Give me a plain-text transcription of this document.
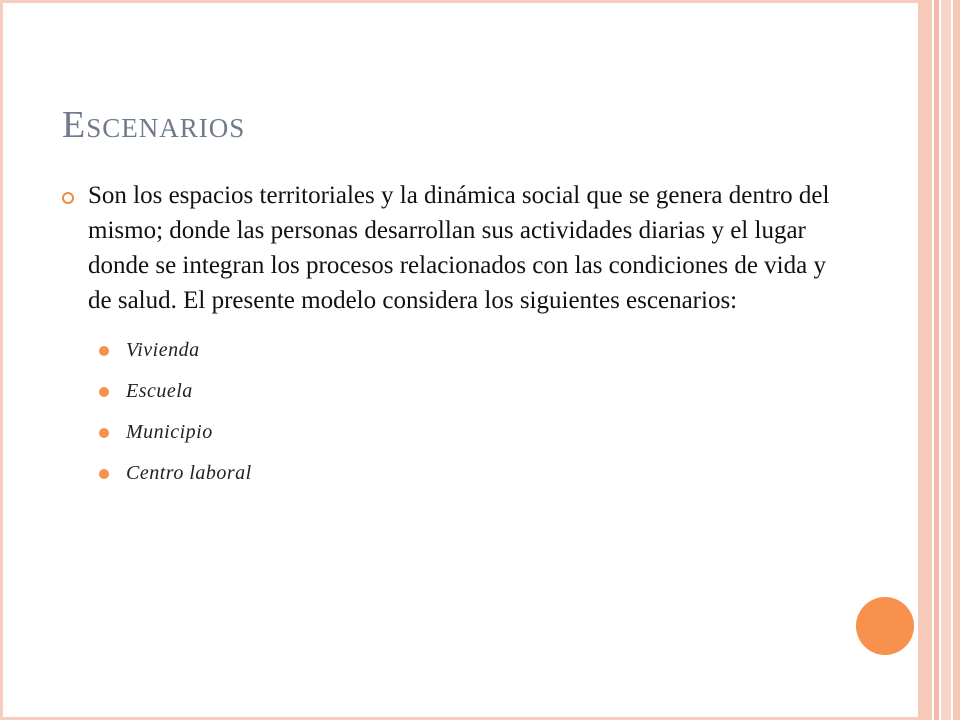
Escenarios

Son los espacios territoriales y la dinámica social que se genera dentro del mismo; donde las personas desarrollan sus actividades diarias y el lugar donde se integran los procesos relacionados con las condiciones de vida y de salud. El presente modelo considera los siguientes escenarios:

Vivienda
Escuela
Municipio
Centro laboral
